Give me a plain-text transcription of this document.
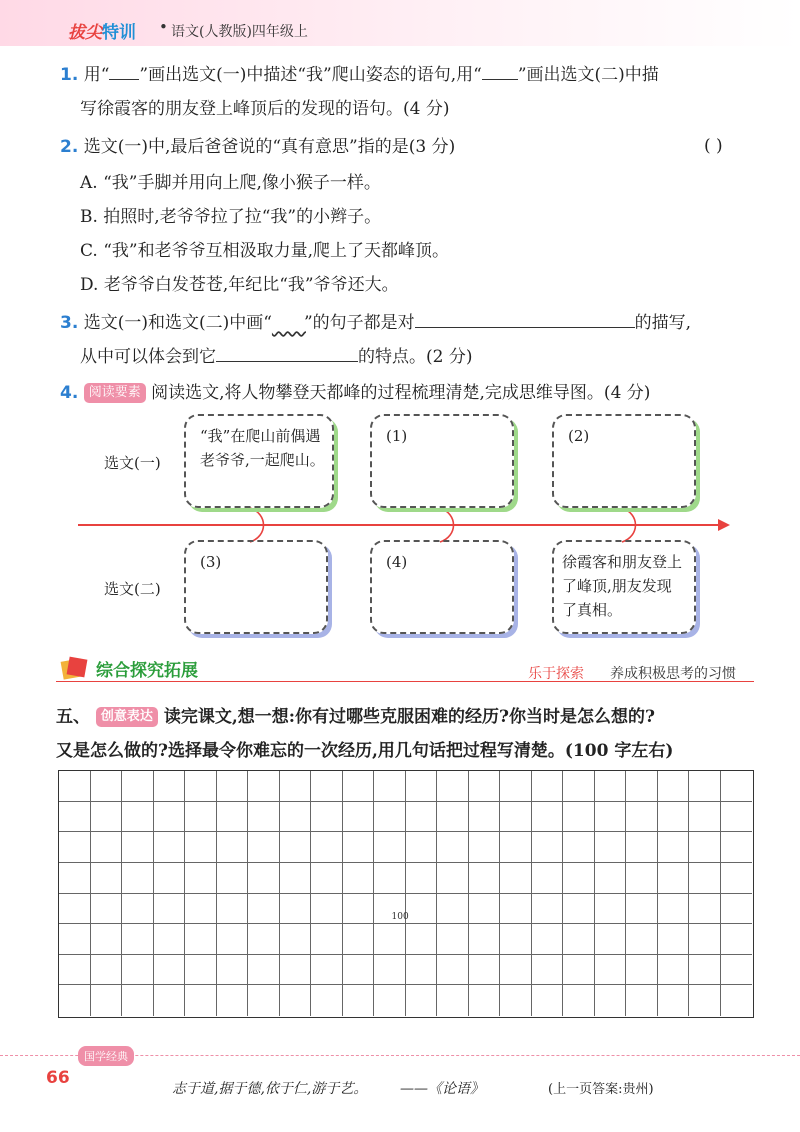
拔尖特训 • 语文(人教版)四年级上
1. 用“ ”画出选文(一)中描述“我”爬山姿态的语句,用“ ”画出选文(二)中描
写徐霞客的朋友登上峰顶后的发现的语句。(4 分)
2. 选文(一)中,最后爸爸说的“真有意思”指的是(3 分)	( )
A. “我”手脚并用向上爬,像小猴子一样。
B. 拍照时,老爷爷拉了拉“我”的小辫子。
C. “我”和老爷爷互相汲取力量,爬上了天都峰顶。
D. 老爷爷白发苍苍,年纪比“我”爷爷还大。
3. 选文(一)和选文(二)中画“ ”的句子都是对	的描写,
从中可以体会到它	的特点。(2 分)
4. 阅读要素 阅读选文,将人物攀登天都峰的过程梳理清楚,完成思维导图。(4 分)
选文(一)
选文(二)
“我”在爬山前偶遇
老爷爷,一起爬山。
(1)	(2)
(3)	(4)	徐霞客和朋友登上
了峰顶,朋友发现
了真相。
综合探究拓展	乐于探索 养成积极思考的习惯
五、 创意表达 读完课文,想一想:你有过哪些克服困难的经历?你当时是怎么想的?
又是怎么做的?选择最令你难忘的一次经历,用几句话把过程写清楚。(100 字左右)
100
国学经典
66
志于道,据于德,依于仁,游于艺。 ——《论语》	(上一页答案:贵州)
